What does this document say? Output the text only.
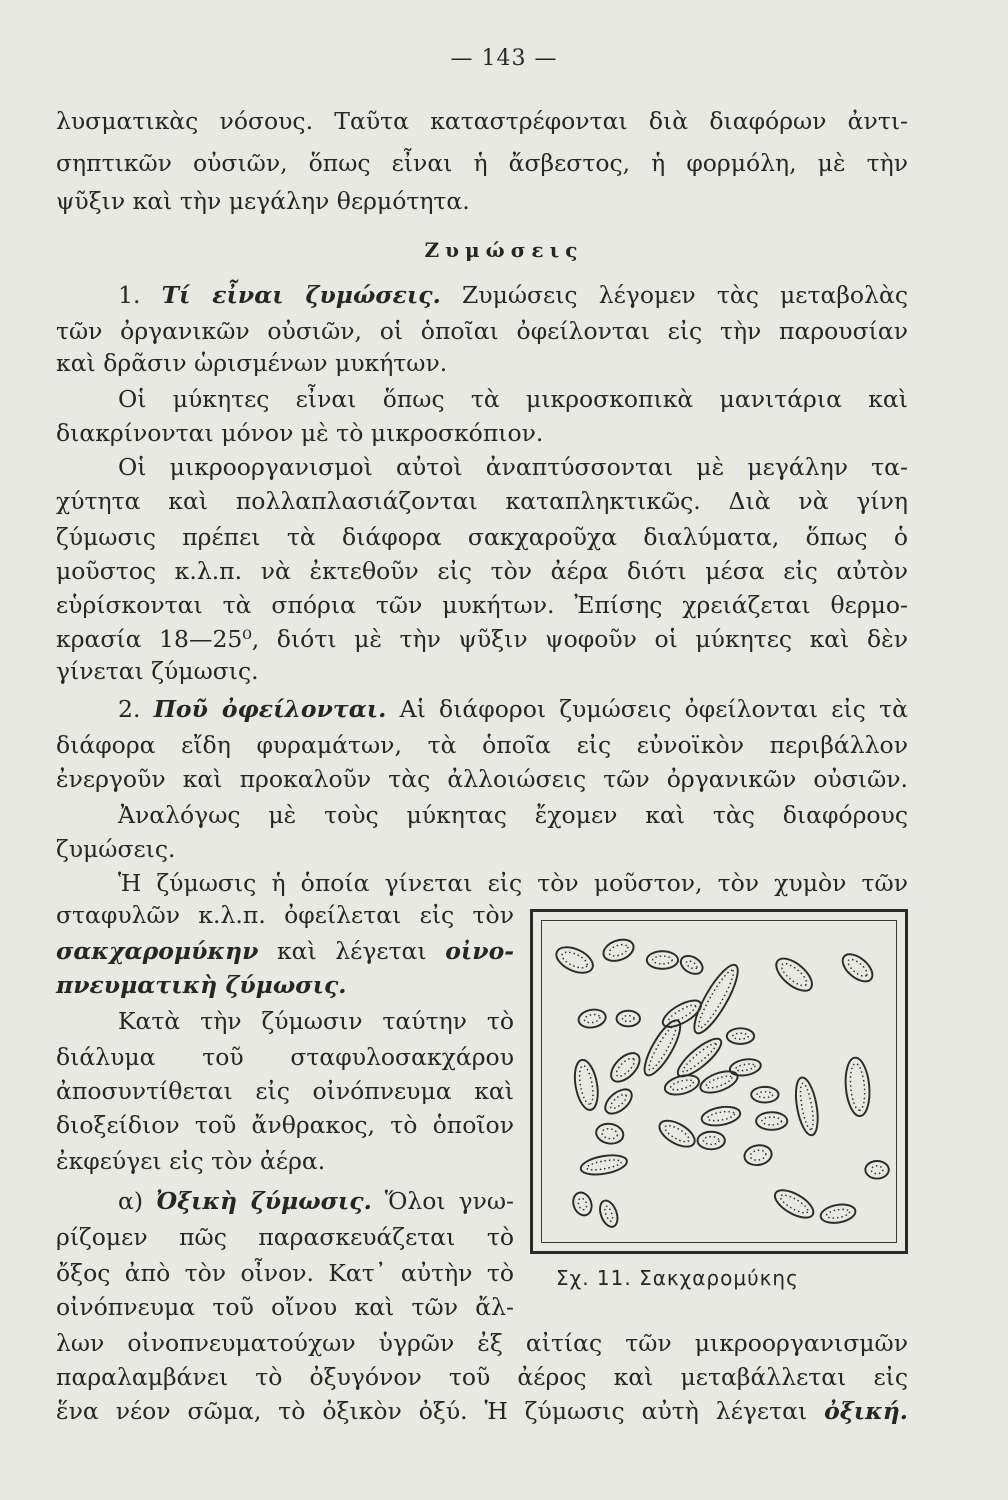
— 143 —
λυσματικὰς νόσους. Ταῦτα καταστρέφονται διὰ διαφόρων ἀντι-
σηπτικῶν οὐσιῶν, ὅπως εἶναι ἡ ἄσβεστος, ἡ φορμόλη, μὲ τὴν
ψῦξιν καὶ τὴν μεγάλην θερμότητα.
Ζυμώσεις
1. Τί εἶναι ζυμώσεις. Ζυμώσεις λέγομεν τὰς μεταβολὰς
τῶν ὀργανικῶν οὐσιῶν, οἱ ὁποῖαι ὀφείλονται εἰς τὴν παρουσίαν
καὶ δρᾶσιν ὡρισμένων μυκήτων.
Οἱ μύκητες εἶναι ὅπως τὰ μικροσκοπικὰ μανιτάρια καὶ
διακρίνονται μόνον μὲ τὸ μικροσκόπιον.
Οἱ μικροοργανισμοὶ αὐτοὶ ἀναπτύσσονται μὲ μεγάλην τα-
χύτητα καὶ πολλαπλασιάζονται καταπληκτικῶς. Διὰ νὰ γίνη
ζύμωσις πρέπει τὰ διάφορα σακχαροῦχα διαλύματα, ὅπως ὁ
μοῦστος κ.λ.π. νὰ ἐκτεθοῦν εἰς τὸν ἀέρα διότι μέσα εἰς αὐτὸν
εὑρίσκονται τὰ σπόρια τῶν μυκήτων. Ἐπίσης χρειάζεται θερμο-
κρασία 18—25⁰, διότι μὲ τὴν ψῦξιν ψοφοῦν οἱ μύκητες καὶ δὲν
γίνεται ζύμωσις.
2. Ποῦ ὀφείλονται. Αἱ διάφοροι ζυμώσεις ὀφείλονται εἰς τὰ
διάφορα εἴδη φυραμάτων, τὰ ὁποῖα εἰς εὐνοϊκὸν περιβάλλον
ἐνεργοῦν καὶ προκαλοῦν τὰς ἀλλοιώσεις τῶν ὀργανικῶν οὐσιῶν.
Ἀναλόγως μὲ τοὺς μύκητας ἔχομεν καὶ τὰς διαφόρους
ζυμώσεις.
Ἡ ζύμωσις ἡ ὁποία γίνεται εἰς τὸν μοῦστον, τὸν χυμὸν τῶν
σταφυλῶν κ.λ.π. ὀφείλεται εἰς τὸν
σακχαρομύκην καὶ λέγεται οἰνο-
πνευματικὴ ζύμωσις.
Κατὰ τὴν ζύμωσιν ταύτην τὸ
διάλυμα τοῦ σταφυλοσακχάρου
ἀποσυντίθεται εἰς οἰνόπνευμα καὶ
διοξείδιον τοῦ ἄνθρακος, τὸ ὁποῖον
ἐκφεύγει εἰς τὸν ἀέρα.
α) Ὀξικὴ ζύμωσις. Ὅλοι γνω-
ρίζομεν πῶς παρασκευάζεται τὸ
ὄξος ἀπὸ τὸν οἶνον. Κατ᾽ αὐτὴν τὸ
οἰνόπνευμα τοῦ οἴνου καὶ τῶν ἄλ-
λων οἰνοπνευματούχων ὑγρῶν ἐξ αἰτίας τῶν μικροοργανισμῶν
παραλαμβάνει τὸ ὀξυγόνον τοῦ ἀέρος καὶ μεταβάλλεται εἰς
ἕνα νέον σῶμα, τὸ ὀξικὸν ὀξύ. Ἡ ζύμωσις αὐτὴ λέγεται ὀξική.
Σχ. 11. Σακχαρομύκης
